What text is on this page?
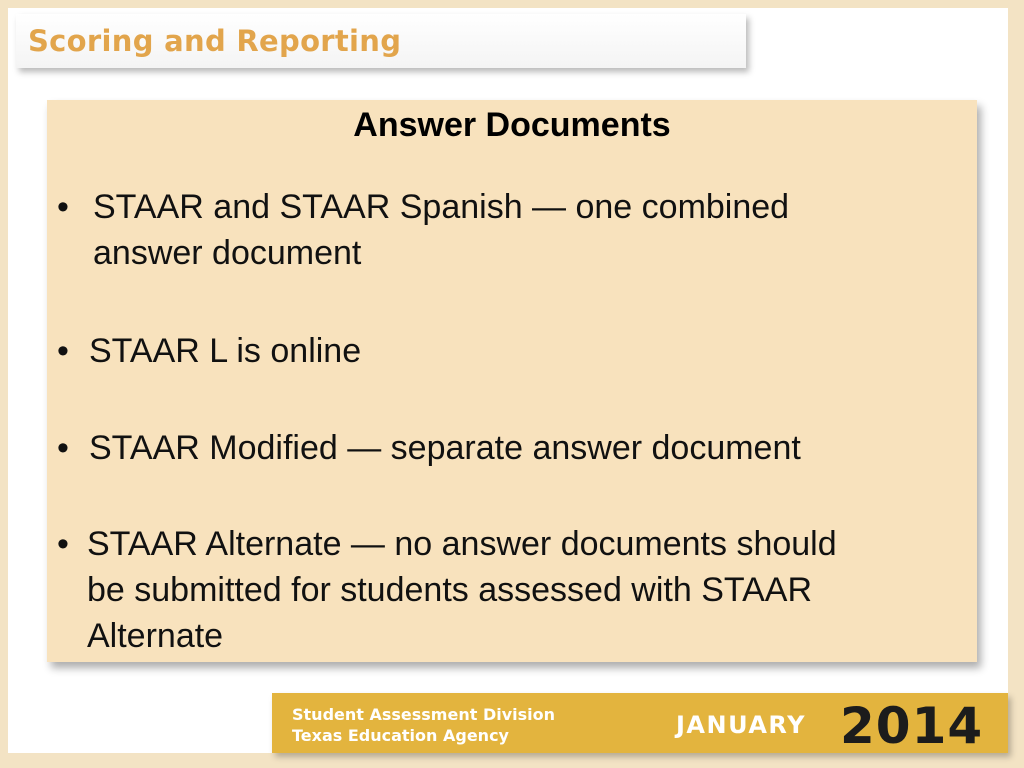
Scoring and Reporting
Answer Documents
• STAAR and STAAR Spanish — one combined
answer document
• STAAR L is online
• STAAR Modified — separate answer document
• STAAR Alternate — no answer documents should
be submitted for students assessed with STAAR
Alternate
Student Assessment Division
Texas Education Agency	JANUARY 2014
